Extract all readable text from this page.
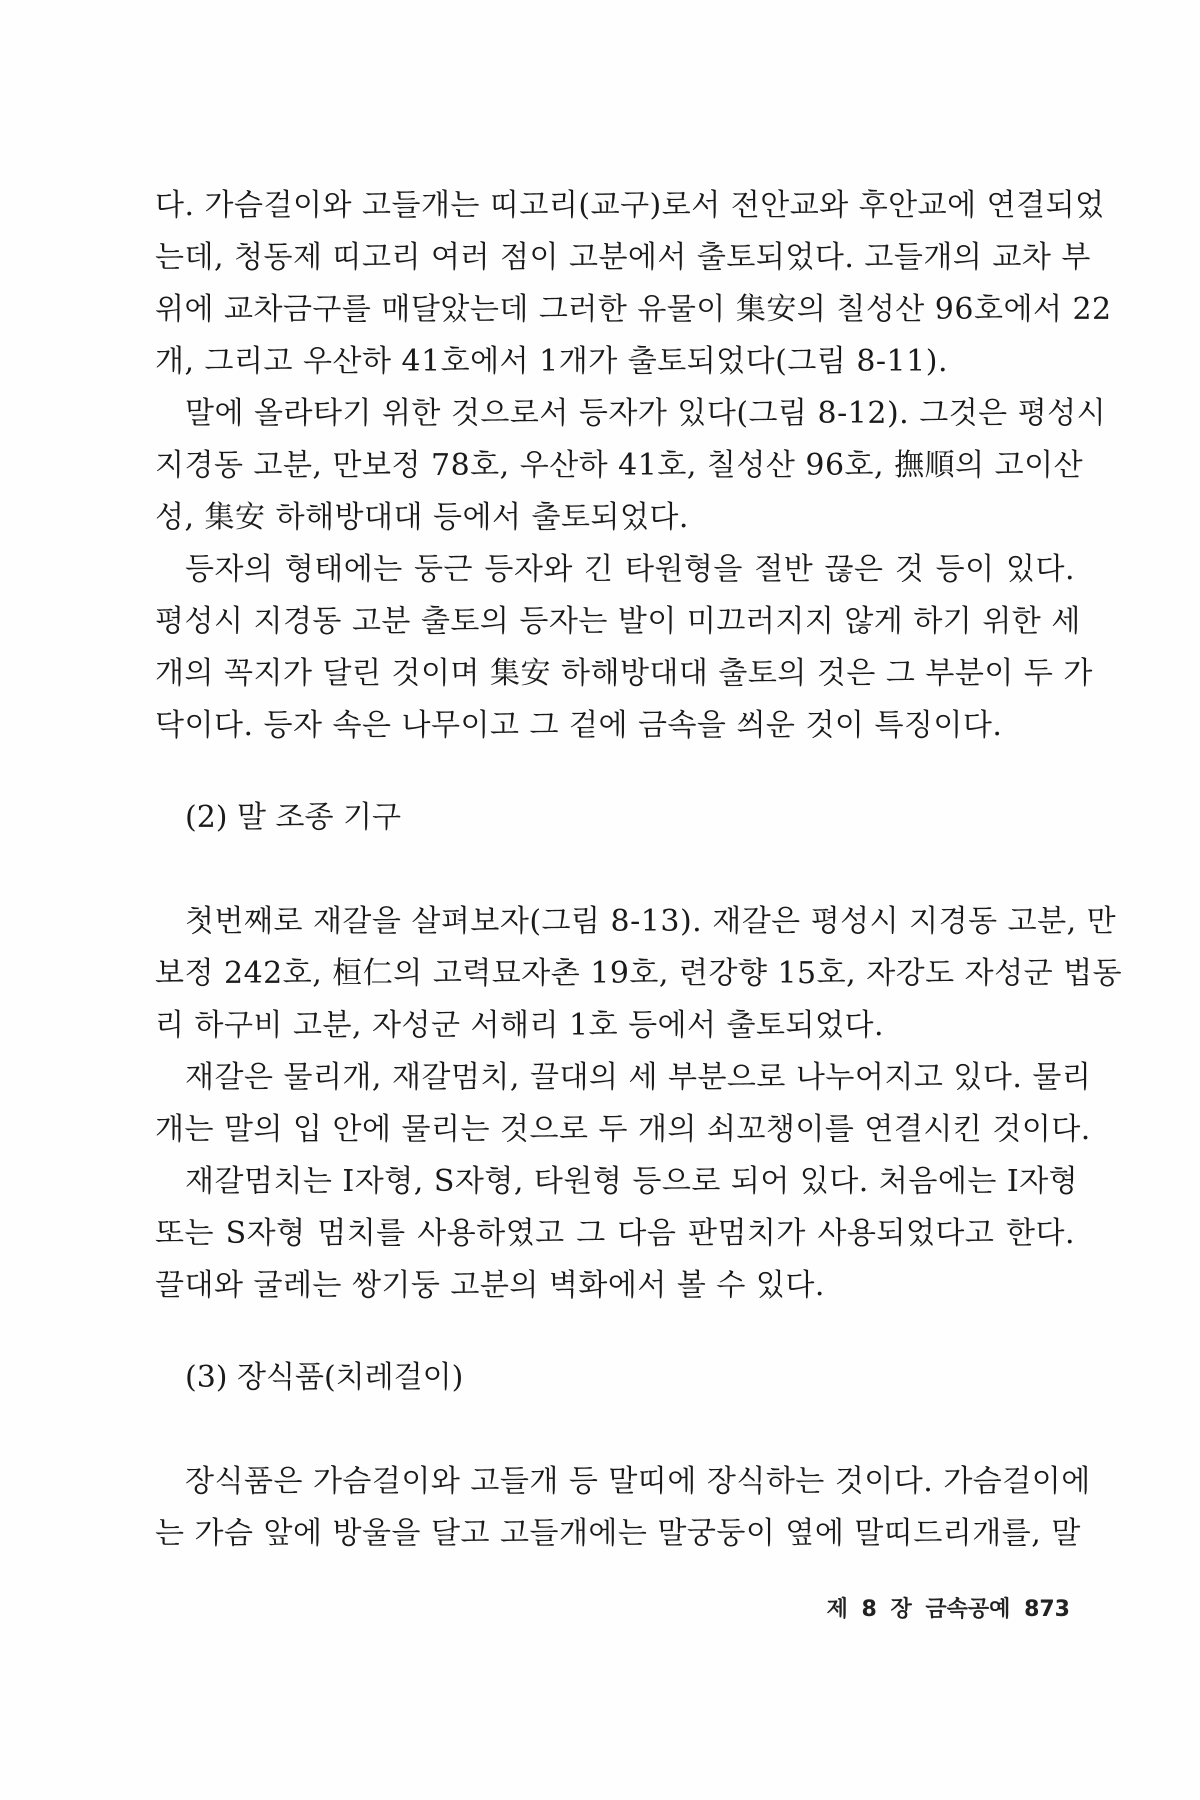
다. 가슴걸이와 고들개는 띠고리(교구)로서 전안교와 후안교에 연결되었
는데, 청동제 띠고리 여러 점이 고분에서 출토되었다. 고들개의 교차 부
위에 교차금구를 매달았는데 그러한 유물이 集安의 칠성산 96호에서 22
개, 그리고 우산하 41호에서 1개가 출토되었다(그림 8-11).
말에 올라타기 위한 것으로서 등자가 있다(그림 8-12). 그것은 평성시
지경동 고분, 만보정 78호, 우산하 41호, 칠성산 96호, 撫順의 고이산
성, 集安 하해방대대 등에서 출토되었다.
등자의 형태에는 둥근 등자와 긴 타원형을 절반 끊은 것 등이 있다.
평성시 지경동 고분 출토의 등자는 발이 미끄러지지 않게 하기 위한 세
개의 꼭지가 달린 것이며 集安 하해방대대 출토의 것은 그 부분이 두 가
닥이다. 등자 속은 나무이고 그 겉에 금속을 씌운 것이 특징이다.
(2) 말 조종 기구
첫번째로 재갈을 살펴보자(그림 8-13). 재갈은 평성시 지경동 고분, 만
보정 242호, 桓仁의 고력묘자촌 19호, 련강향 15호, 자강도 자성군 법동
리 하구비 고분, 자성군 서해리 1호 등에서 출토되었다.
재갈은 물리개, 재갈멈치, 끌대의 세 부분으로 나누어지고 있다. 물리
개는 말의 입 안에 물리는 것으로 두 개의 쇠꼬챙이를 연결시킨 것이다.
재갈멈치는 I자형, S자형, 타원형 등으로 되어 있다. 처음에는 I자형
또는 S자형 멈치를 사용하였고 그 다음 판멈치가 사용되었다고 한다.
끌대와 굴레는 쌍기둥 고분의 벽화에서 볼 수 있다.
(3) 장식품(치레걸이)
장식품은 가슴걸이와 고들개 등 말띠에 장식하는 것이다. 가슴걸이에
는 가슴 앞에 방울을 달고 고들개에는 말궁둥이 옆에 말띠드리개를, 말
제 8 장 금속공예 873
